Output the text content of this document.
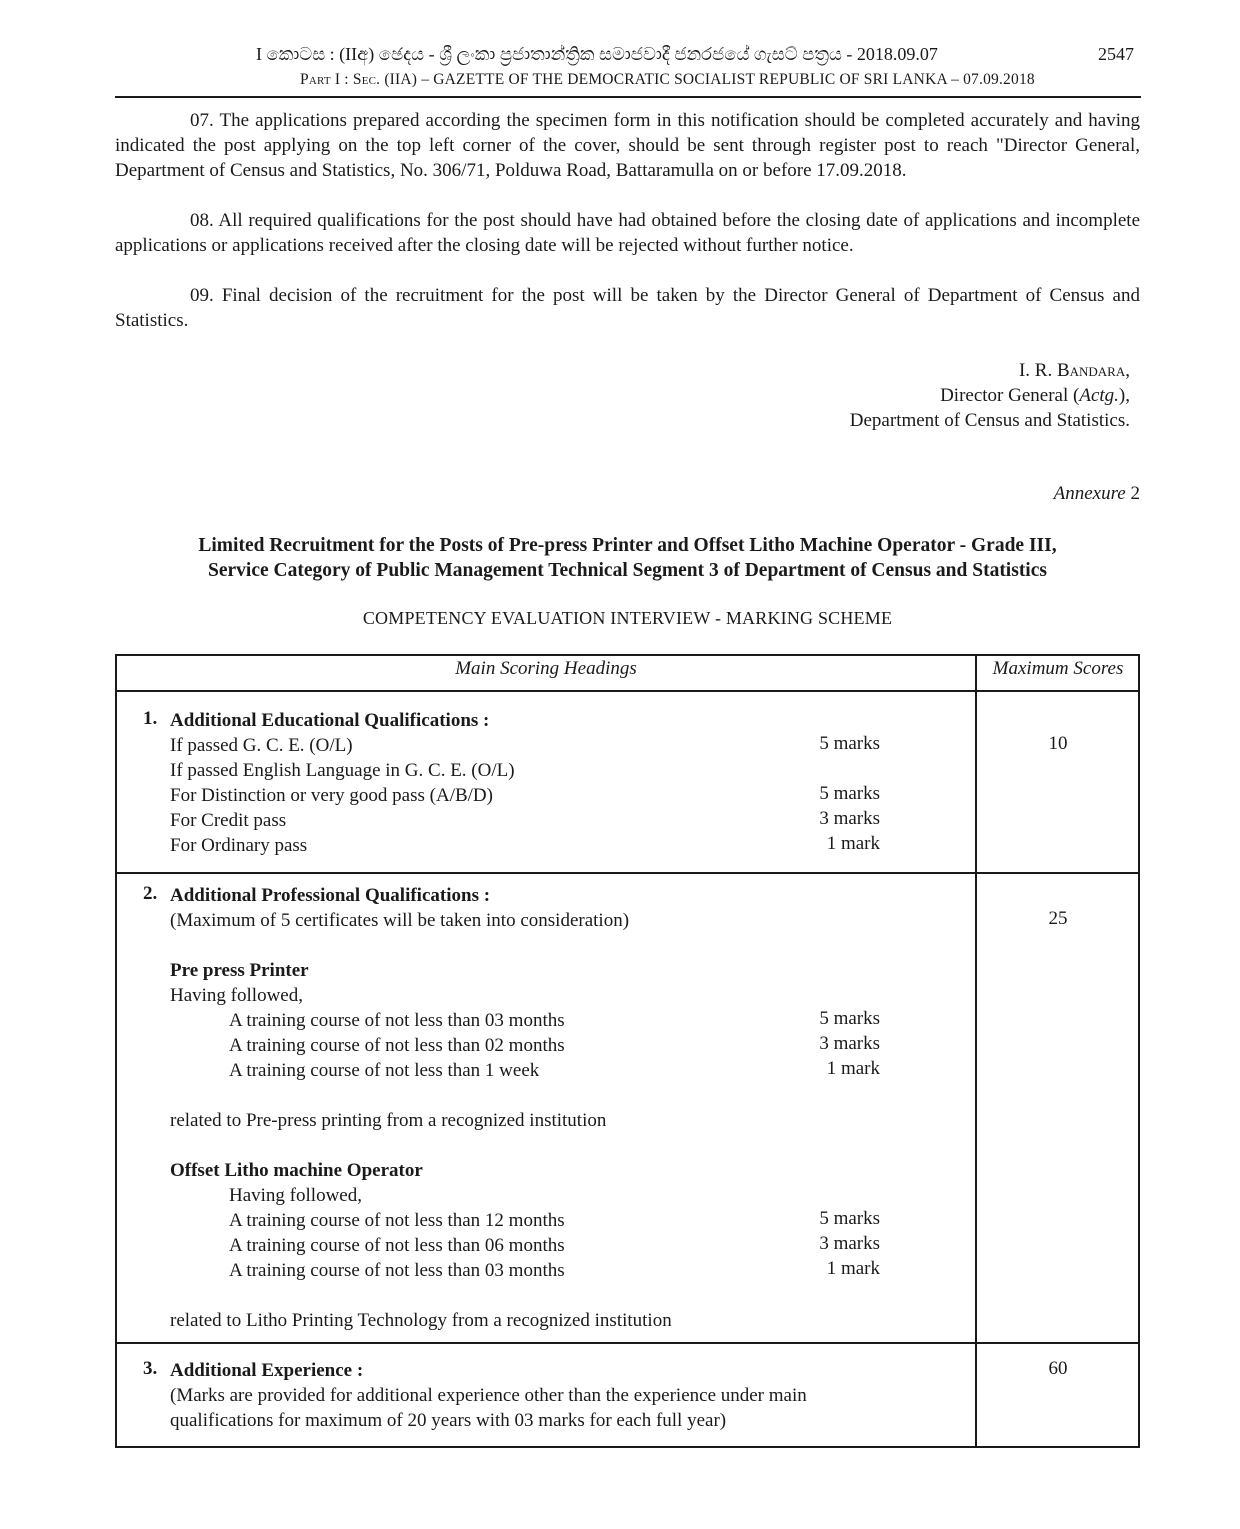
I කොටස : (IIඅ) ඡෙදය - ශ්‍රී ලංකා ප්‍රජාතාන්ත්‍රික සමාජවාදී ජනරජයේ ගැසට් පත්‍රය - 2018.09.07
Part I : Sec. (IIA) – GAZETTE OF THE DEMOCRATIC SOCIALIST REPUBLIC OF SRI LANKA – 07.09.2018
2547
07. The applications prepared according the specimen form in this notification should be completed accurately and having indicated the post applying on the top left corner of the cover, should be sent through register post to reach "Director General, Department of Census and Statistics, No. 306/71, Polduwa Road, Battaramulla on or before 17.09.2018.
08. All required qualifications for the post should have had obtained before the closing date of applications and incomplete applications or applications received after the closing date will be rejected without further notice.
09. Final decision of the recruitment for the post will be taken by the Director General of Department of Census and Statistics.
I. R. Bandara,
Director General (Actg.),
Department of Census and Statistics.
Annexure 2
Limited Recruitment for the Posts of Pre-press Printer and Offset Litho Machine Operator - Grade III,
Service Category of Public Management Technical Segment 3 of Department of Census and Statistics
COMPETENCY EVALUATION INTERVIEW - MARKING SCHEME
Main Scoring Headings	Maximum Scores
1. Additional Educational Qualifications :
If passed G. C. E. (O/L)	5 marks	10
If passed English Language in G. C. E. (O/L)
For Distinction or very good pass (A/B/D)	5 marks
For Credit pass	3 marks
For Ordinary pass	1 mark
2. Additional Professional Qualifications :
(Maximum of 5 certificates will be taken into consideration)	25
Pre press Printer
Having followed,
A training course of not less than 03 months	5 marks
A training course of not less than 02 months	3 marks
A training course of not less than 1 week	1 mark
related to Pre-press printing from a recognized institution
Offset Litho machine Operator
Having followed,
A training course of not less than 12 months	5 marks
A training course of not less than 06 months	3 marks
A training course of not less than 03 months	1 mark
related to Litho Printing Technology from a recognized institution
3. Additional Experience :	60
(Marks are provided for additional experience other than the experience under main
qualifications for maximum of 20 years with 03 marks for each full year)
